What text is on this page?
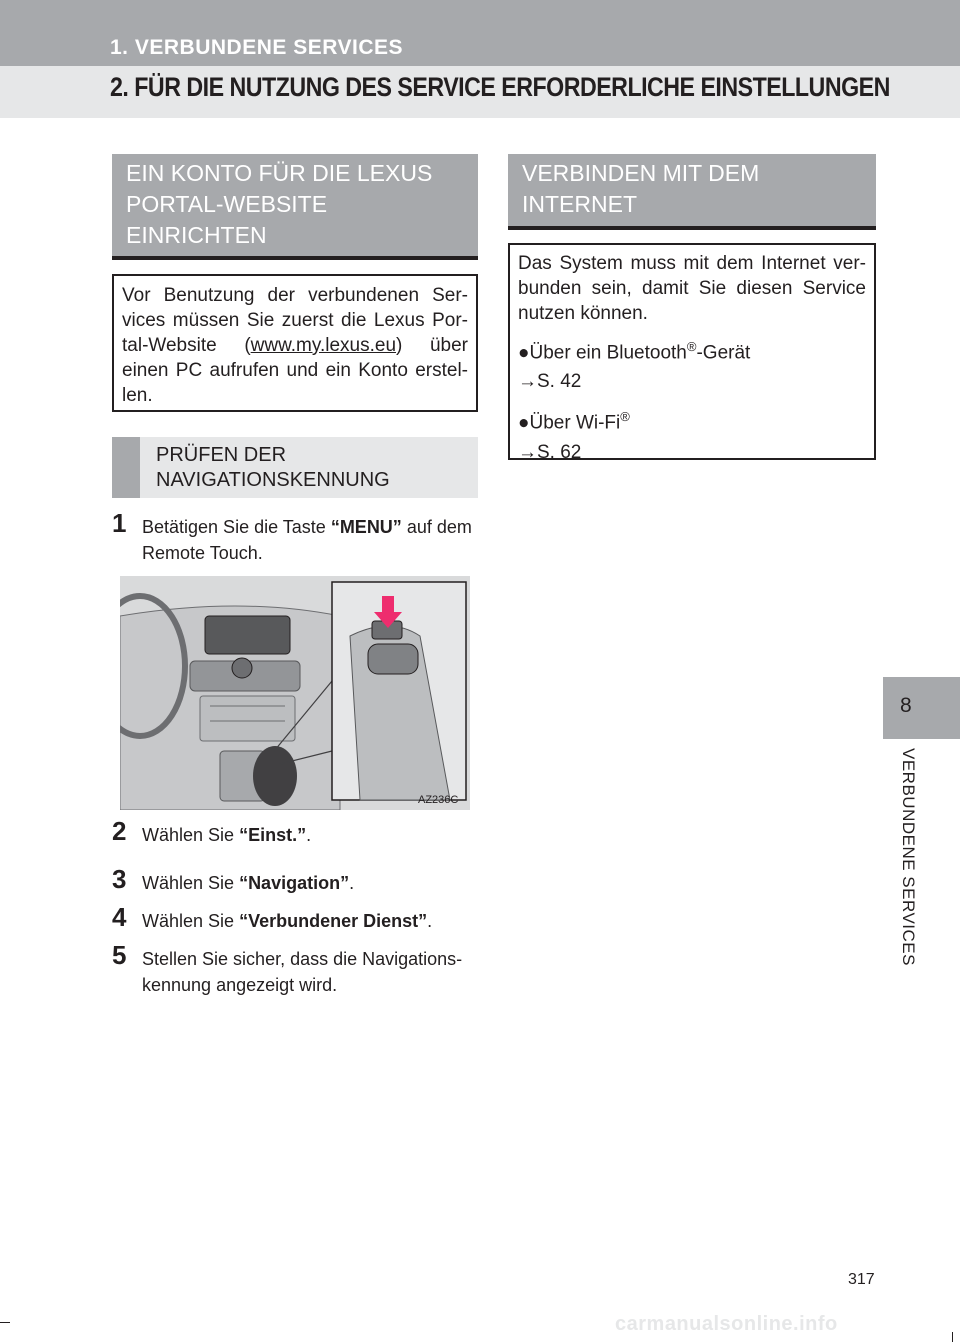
1. VERBUNDENE SERVICES
2. FÜR DIE NUTZUNG DES SERVICE ERFORDERLICHE EINSTELLUNGEN
EIN KONTO FÜR DIE LEXUS
PORTAL-WEBSITE
EINRICHTEN
Vor Benutzung der verbundenen Ser-vices müssen Sie zuerst die Lexus Por-tal-Website (www.my.lexus.eu) über einen PC aufrufen und ein Konto erstel-len.
PRÜFEN DER
NAVIGATIONSKENNUNG
1 Betätigen Sie die Taste “MENU” auf dem Remote Touch.
AZ236C
2 Wählen Sie “Einst.”.
3 Wählen Sie “Navigation”.
4 Wählen Sie “Verbundener Dienst”.
5 Stellen Sie sicher, dass die Navigations-kennung angezeigt wird.
VERBINDEN MIT DEM
INTERNET
Das System muss mit dem Internet ver-bunden sein, damit Sie diesen Service nutzen können.
●Über ein Bluetooth®-Gerät
→S. 42
●Über Wi-Fi®
→S. 62
8
VERBUNDENE SERVICES
317
carmanualsonline.info
